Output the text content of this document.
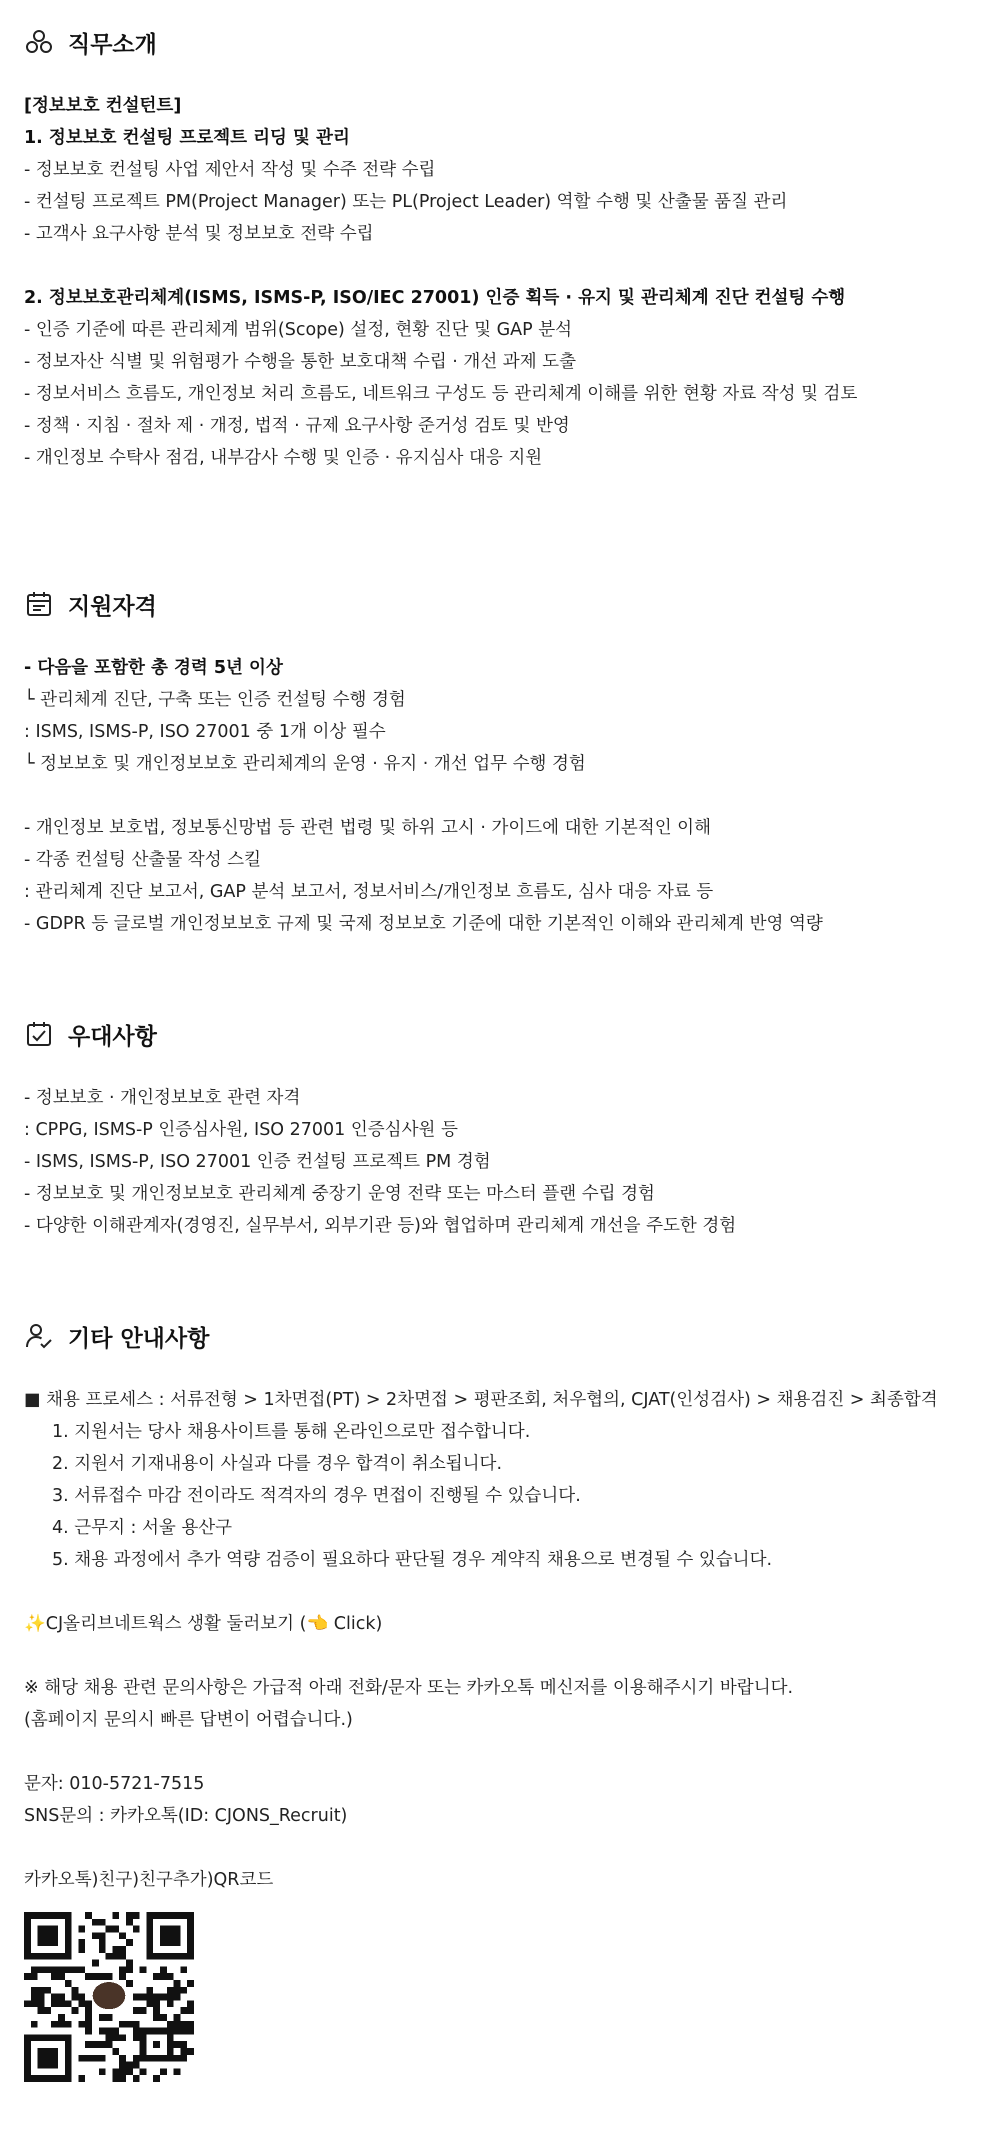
직무소개
[정보보호 컨설턴트]
1. 정보보호 컨설팅 프로젝트 리딩 및 관리
- 정보보호 컨설팅 사업 제안서 작성 및 수주 전략 수립
- 컨설팅 프로젝트 PM(Project Manager) 또는 PL(Project Leader) 역할 수행 및 산출물 품질 관리
- 고객사 요구사항 분석 및 정보보호 전략 수립
2. 정보보호관리체계(ISMS, ISMS-P, ISO/IEC 27001) 인증 획득 · 유지 및 관리체계 진단 컨설팅 수행
- 인증 기준에 따른 관리체계 범위(Scope) 설정, 현황 진단 및 GAP 분석
- 정보자산 식별 및 위험평가 수행을 통한 보호대책 수립 · 개선 과제 도출
- 정보서비스 흐름도, 개인정보 처리 흐름도, 네트워크 구성도 등 관리체계 이해를 위한 현황 자료 작성 및 검토
- 정책 · 지침 · 절차 제 · 개정, 법적 · 규제 요구사항 준거성 검토 및 반영
- 개인정보 수탁사 점검, 내부감사 수행 및 인증 · 유지심사 대응 지원
지원자격
- 다음을 포함한 총 경력 5년 이상
└ 관리체계 진단, 구축 또는 인증 컨설팅 수행 경험
: ISMS, ISMS-P, ISO 27001 중 1개 이상 필수
└ 정보보호 및 개인정보보호 관리체계의 운영 · 유지 · 개선 업무 수행 경험
- 개인정보 보호법, 정보통신망법 등 관련 법령 및 하위 고시 · 가이드에 대한 기본적인 이해
- 각종 컨설팅 산출물 작성 스킬
: 관리체계 진단 보고서, GAP 분석 보고서, 정보서비스/개인정보 흐름도, 심사 대응 자료 등
- GDPR 등 글로벌 개인정보보호 규제 및 국제 정보보호 기준에 대한 기본적인 이해와 관리체계 반영 역량
우대사항
- 정보보호 · 개인정보보호 관련 자격
: CPPG, ISMS-P 인증심사원, ISO 27001 인증심사원 등
- ISMS, ISMS-P, ISO 27001 인증 컨설팅 프로젝트 PM 경험
- 정보보호 및 개인정보보호 관리체계 중장기 운영 전략 또는 마스터 플랜 수립 경험
- 다양한 이해관계자(경영진, 실무부서, 외부기관 등)와 협업하며 관리체계 개선을 주도한 경험
기타 안내사항
■ 채용 프로세스 : 서류전형 > 1차면접(PT) > 2차면접 > 평판조회, 처우협의, CJAT(인성검사) > 채용검진 > 최종합격
1. 지원서는 당사 채용사이트를 통해 온라인으로만 접수합니다.
2. 지원서 기재내용이 사실과 다를 경우 합격이 취소됩니다.
3. 서류접수 마감 전이라도 적격자의 경우 면접이 진행될 수 있습니다.
4. 근무지 : 서울 용산구
5. 채용 과정에서 추가 역량 검증이 필요하다 판단될 경우 계약직 채용으로 변경될 수 있습니다.
✨CJ올리브네트웍스 생활 둘러보기 (👈 Click)
※ 해당 채용 관련 문의사항은 가급적 아래 전화/문자 또는 카카오톡 메신저를 이용해주시기 바랍니다.
(홈페이지 문의시 빠른 답변이 어렵습니다.)
문자: 010-5721-7515
SNS문의 : 카카오톡(ID: CJONS_Recruit)
카카오톡)친구)친구추가)QR코드
